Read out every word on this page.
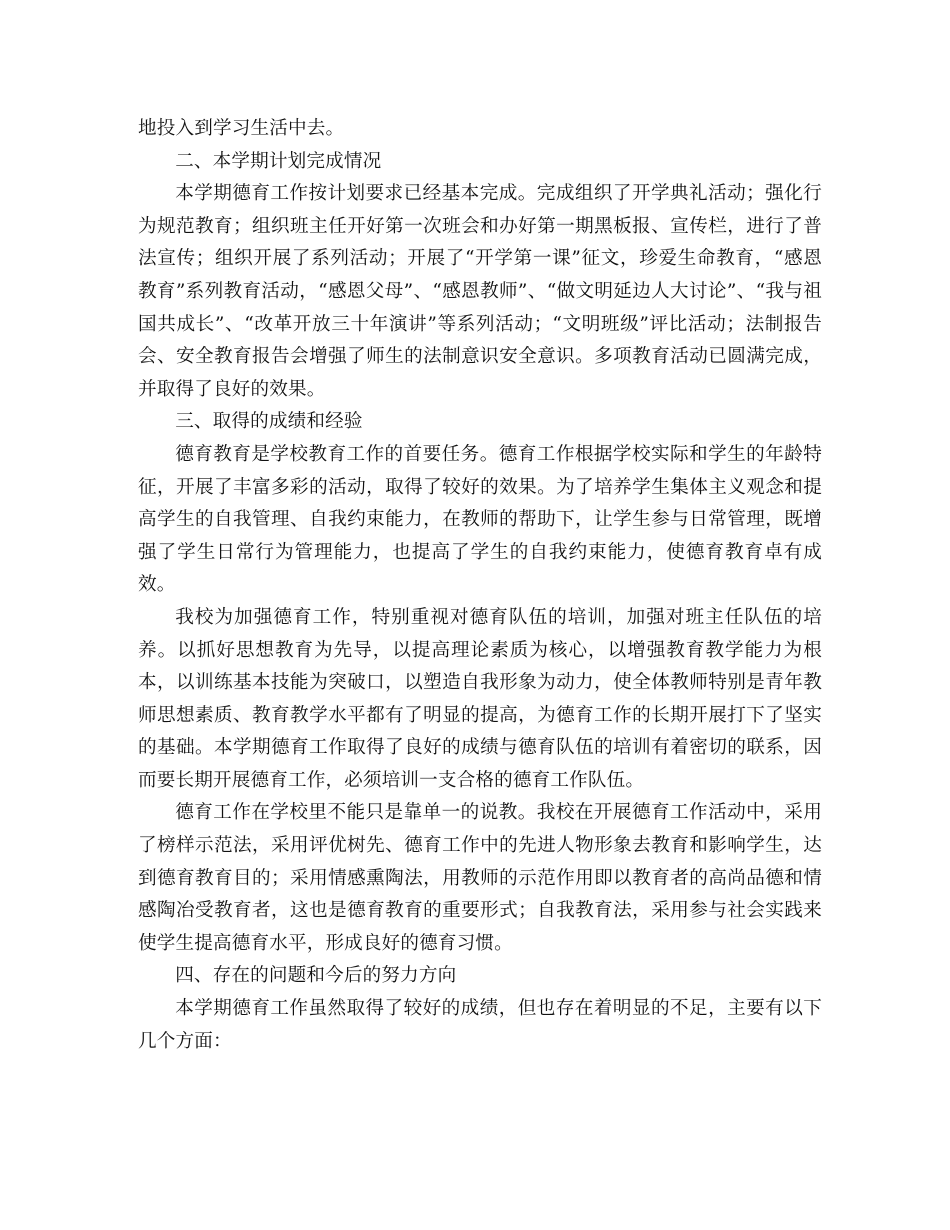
地投入到学习生活中去。

二、本学期计划完成情况

本学期德育工作按计划要求已经基本完成。完成组织了开学典礼活动；强化行为规范教育；组织班主任开好第一次班会和办好第一期黑板报、宣传栏，进行了普法宣传；组织开展了系列活动；开展了“开学第一课”征文，珍爱生命教育，“感恩教育”系列教育活动，“感恩父母”、“感恩教师”、“做文明延边人大讨论”、“我与祖国共成长”、“改革开放三十年演讲”等系列活动；“文明班级”评比活动；法制报告会、安全教育报告会增强了师生的法制意识安全意识。多项教育活动已圆满完成，并取得了良好的效果。

三、取得的成绩和经验

德育教育是学校教育工作的首要任务。德育工作根据学校实际和学生的年龄特征，开展了丰富多彩的活动，取得了较好的效果。为了培养学生集体主义观念和提高学生的自我管理、自我约束能力，在教师的帮助下，让学生参与日常管理，既增强了学生日常行为管理能力，也提高了学生的自我约束能力，使德育教育卓有成效。

我校为加强德育工作，特别重视对德育队伍的培训，加强对班主任队伍的培养。以抓好思想教育为先导，以提高理论素质为核心，以增强教育教学能力为根本，以训练基本技能为突破口，以塑造自我形象为动力，使全体教师特别是青年教师思想素质、教育教学水平都有了明显的提高，为德育工作的长期开展打下了坚实的基础。本学期德育工作取得了良好的成绩与德育队伍的培训有着密切的联系，因而要长期开展德育工作，必须培训一支合格的德育工作队伍。

德育工作在学校里不能只是靠单一的说教。我校在开展德育工作活动中，采用了榜样示范法，采用评优树先、德育工作中的先进人物形象去教育和影响学生，达到德育教育目的；采用情感熏陶法，用教师的示范作用即以教育者的高尚品德和情感陶冶受教育者，这也是德育教育的重要形式；自我教育法，采用参与社会实践来使学生提高德育水平，形成良好的德育习惯。

四、存在的问题和今后的努力方向

本学期德育工作虽然取得了较好的成绩，但也存在着明显的不足，主要有以下几个方面：
